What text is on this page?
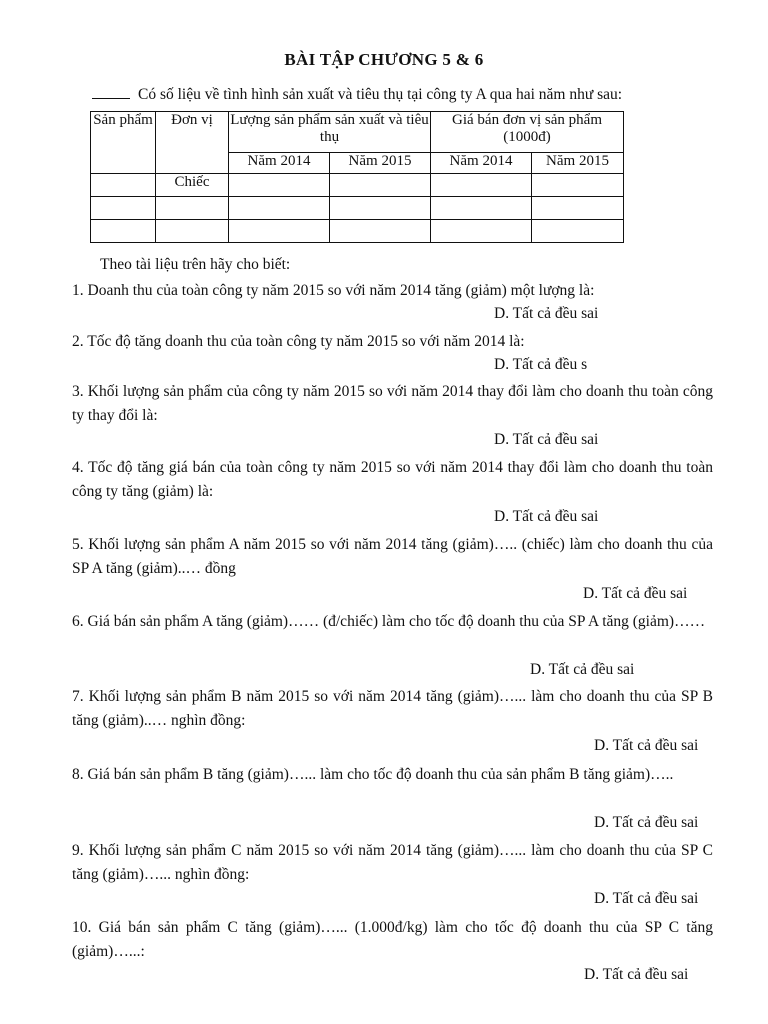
BÀI TẬP CHƯƠNG 5 & 6
Có số liệu về tình hình sản xuất và tiêu thụ tại công ty A qua hai năm như sau:
Sản phẩm	Đơn vị	Lượng sản phẩm sản xuất và tiêu thụ		Giá bán đơn vị sản phẩm (1000đ)	
		Năm 2014	Năm 2015	Năm 2014	Năm 2015
	Chiếc				

Theo tài liệu trên hãy cho biết:
1. Doanh thu của toàn công ty năm 2015 so với năm 2014 tăng (giảm) một lượng là:
D. Tất cả đều sai
2. Tốc độ tăng doanh thu của toàn công ty năm 2015 so với năm 2014 là:
D. Tất cả đều s
3. Khối lượng sản phẩm của công ty năm 2015 so với năm 2014 thay đổi làm cho doanh thu toàn công ty thay đổi là:
D. Tất cả đều sai
4. Tốc độ tăng giá bán của toàn công ty năm 2015 so với năm 2014 thay đổi làm cho doanh thu toàn công ty tăng (giảm) là:
D. Tất cả đều sai
5. Khối lượng sản phẩm A năm 2015 so với năm 2014 tăng (giảm)….. (chiếc) làm cho doanh thu của SP A tăng (giảm)..… đồng
D. Tất cả đều sai
6. Giá bán sản phẩm A tăng (giảm)…… (đ/chiếc) làm cho tốc độ doanh thu của SP A tăng (giảm)……
D. Tất cả đều sai
7. Khối lượng sản phẩm B năm 2015 so với năm 2014 tăng (giảm)…... làm cho doanh thu của SP B tăng (giảm)..… nghìn đồng:
D. Tất cả đều sai
8. Giá bán sản phẩm B tăng (giảm)…... làm cho tốc độ doanh thu của sản phẩm B tăng giảm)…..
D. Tất cả đều sai
9. Khối lượng sản phẩm C năm 2015 so với năm 2014 tăng (giảm)…... làm cho doanh thu của SP C tăng (giảm)…... nghìn đồng:
D. Tất cả đều sai
10. Giá bán sản phẩm C tăng (giảm)…... (1.000đ/kg) làm cho tốc độ doanh thu của SP C tăng (giảm)…...:
D. Tất cả đều sai
